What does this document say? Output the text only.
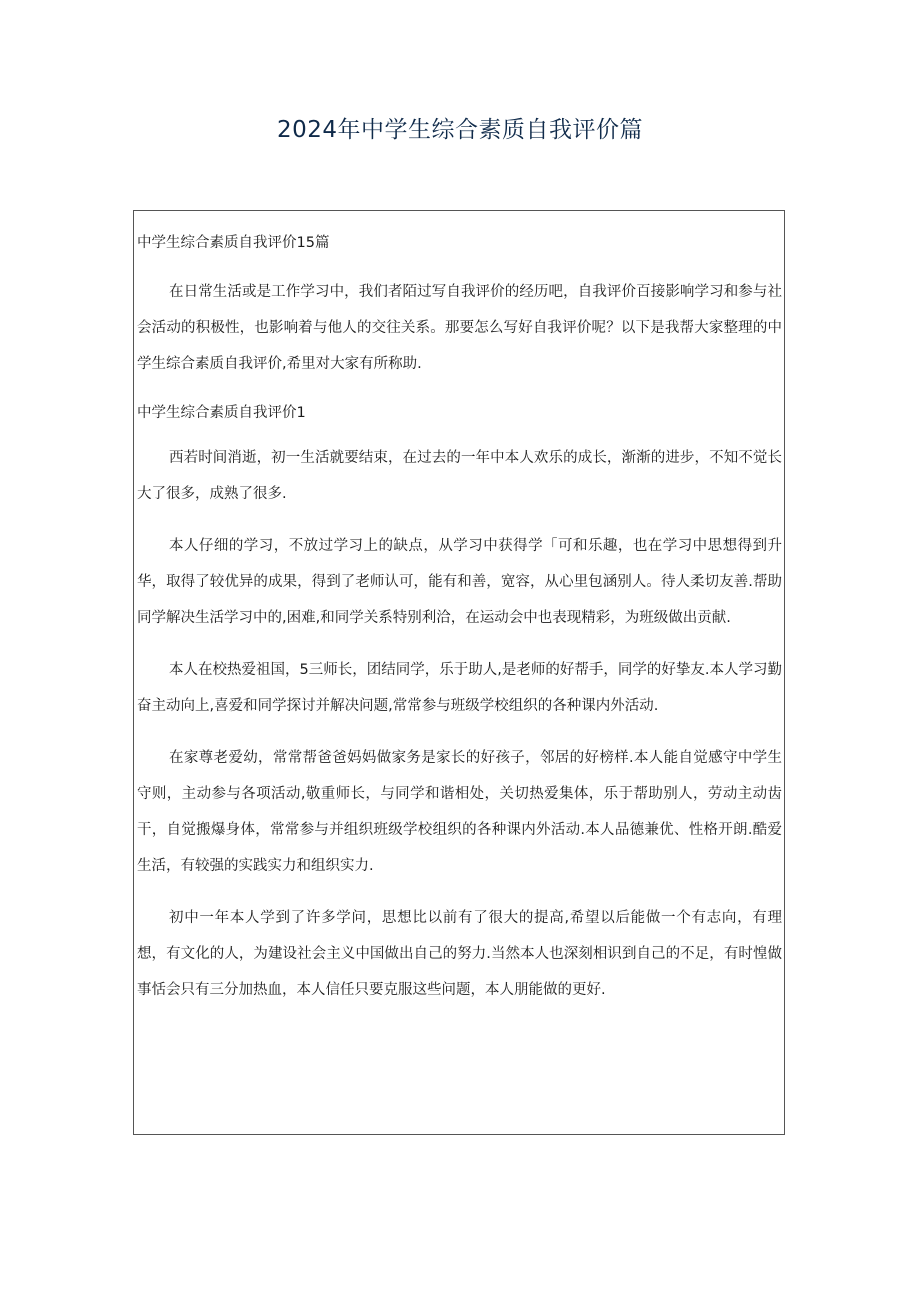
2024年中学生综合素质自我评价篇
中学生综合素质自我评价15篇

在日常生活或是工作学习中，我们者陌过写自我评价的经历吧，自我评价百接影响学习和参与社会活动的积极性，也影响着与他人的交往关系。那要怎么写好自我评价呢？以下是我帮大家整理的中学生综合素质自我评价,希里对大家有所称助.

中学生综合素质自我评价1

西若时间消逝，初一生活就要结束，在过去的一年中本人欢乐的成长，渐渐的进步，不知不觉长大了很多，成熟了很多.

本人仔细的学习，不放过学习上的缺点，从学习中获得学「可和乐趣，也在学习中思想得到升华，取得了较优异的成果，得到了老师认可，能有和善，宽容，从心里包涵别人。待人柔切友善.帮助同学解决生活学习中的,困难,和同学关系特别利洽，在运动会中也表现精彩，为班级做出贡献.

本人在校热爱祖国，5三师长，团结同学，乐于助人,是老师的好帮手，同学的好挚友.本人学习勤奋主动向上,喜爱和同学探讨并解决问题,常常参与班级学校组织的各种课内外活动.

在家尊老爱幼，常常帮爸爸妈妈做家务是家长的好孩子，邻居的好榜样.本人能自觉感守中学生守则，主动参与各项活动,敬重师长，与同学和谐相处，关切热爱集体，乐于帮助别人，劳动主动齿干，自觉搬爆身体，常常参与并组织班级学校组织的各种课内外活动.本人品德兼优、性格开朗.酷爱生活，有较强的实践实力和组织实力.

初中一年本人学到了许多学问，思想比以前有了很大的提高,希望以后能做一个有志向，有理想，有文化的人，为建设社会主义中国做出自己的努力.当然本人也深刻相识到自己的不足，有时惶做事恬会只有三分加热血，本人信任只要克服这些问题，本人朋能做的更好.
